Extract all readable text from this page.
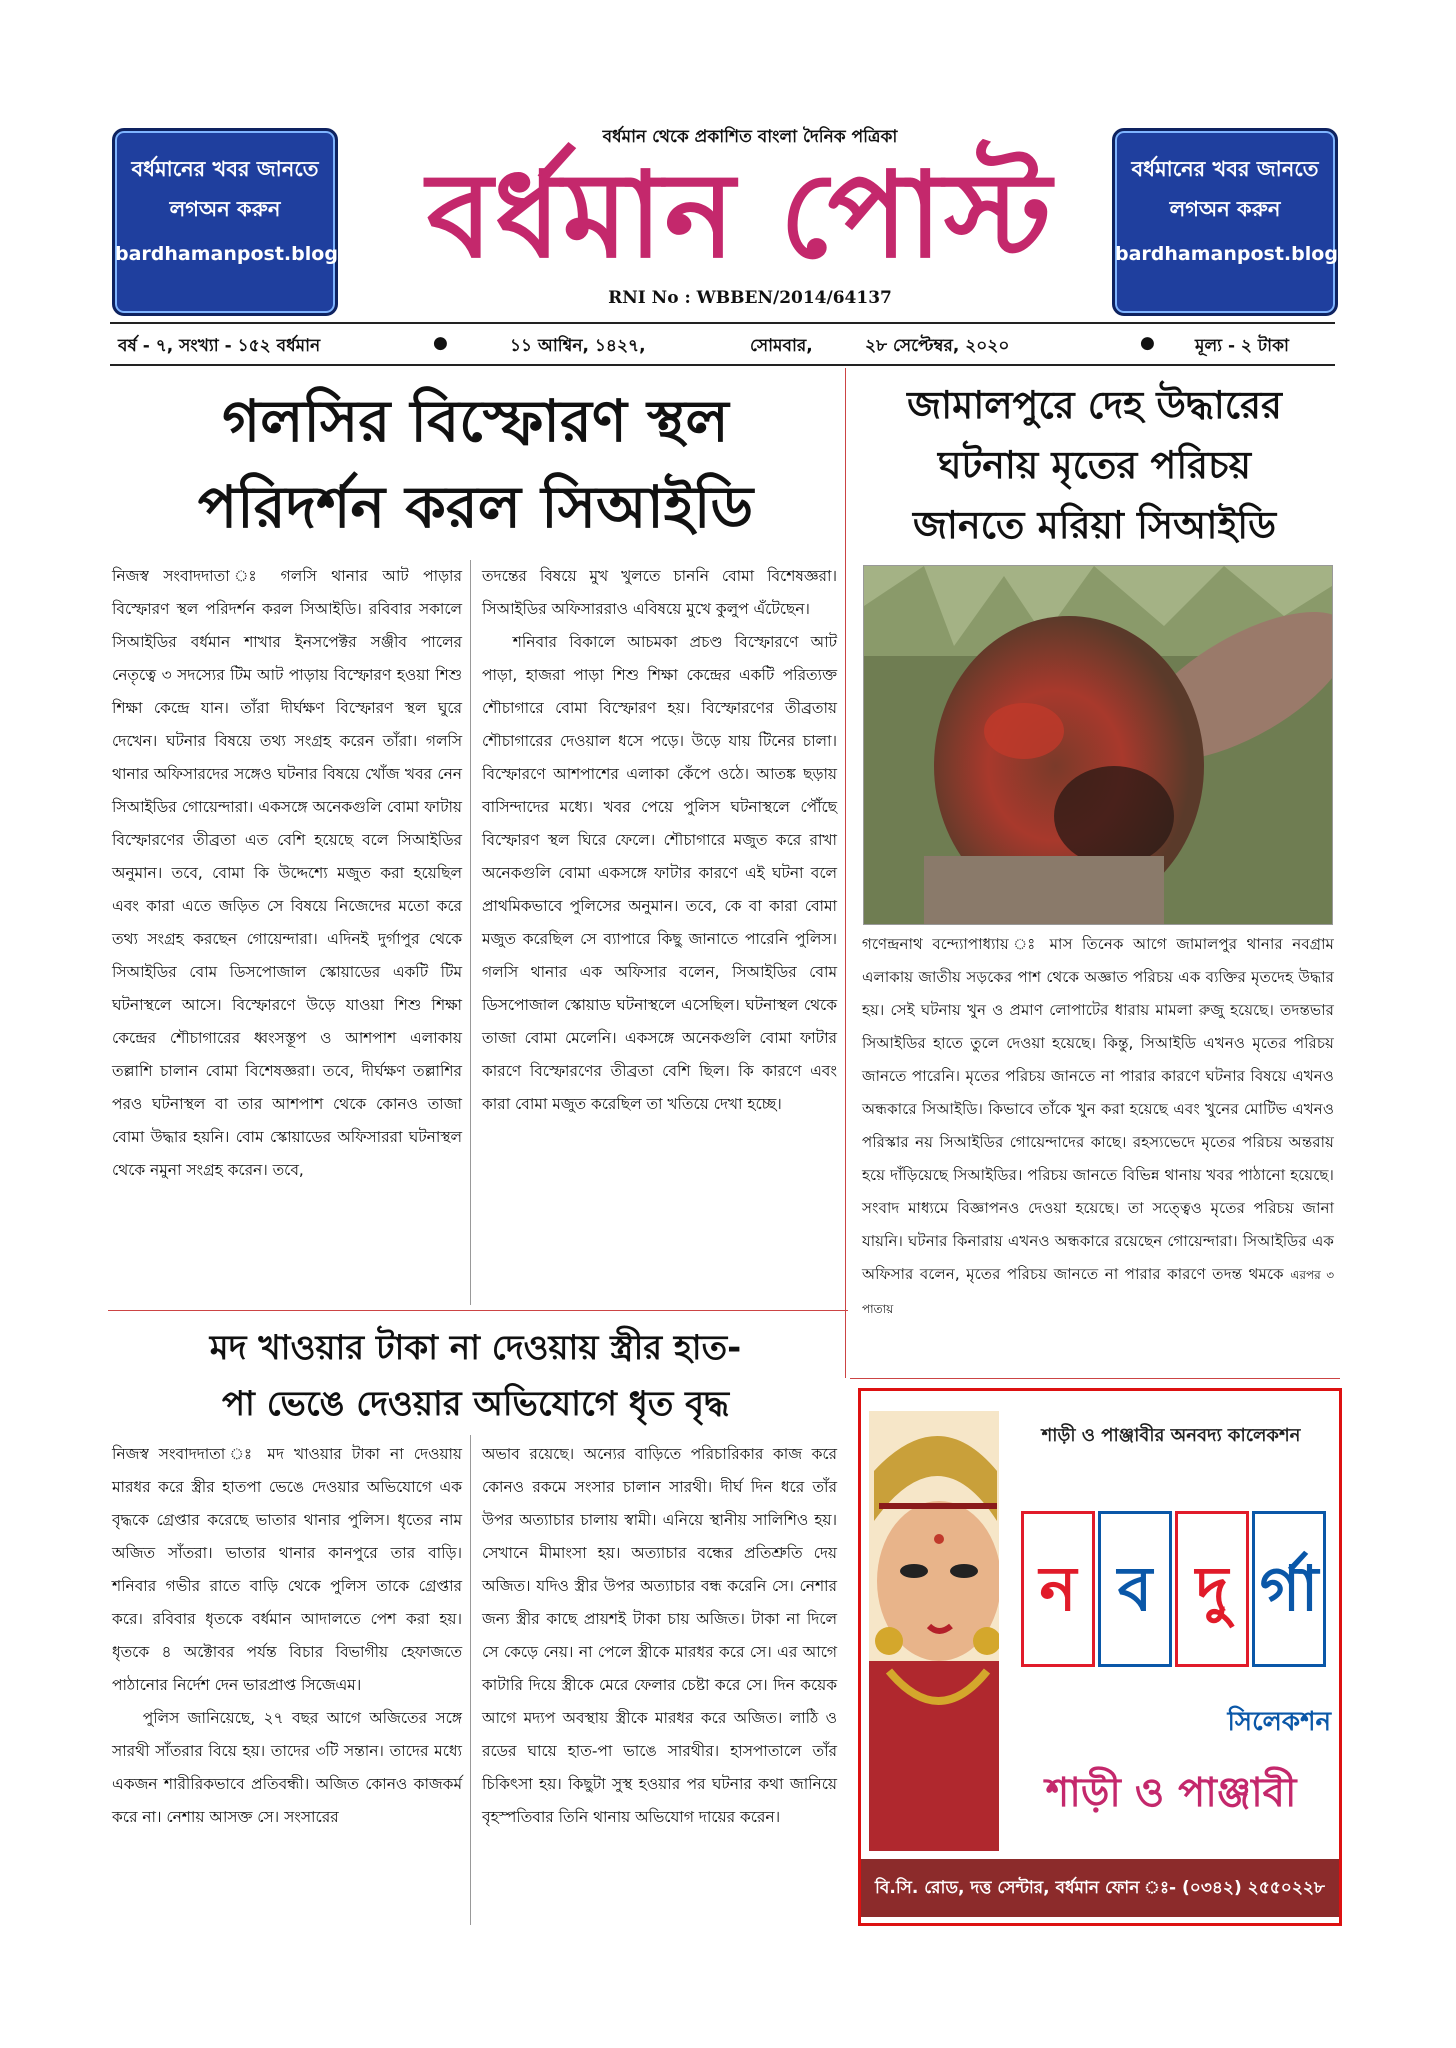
বর্ধমানের খবর জানতে
লগঅন করুন
bardhamanpost.blogspot.in
বর্ধমানের খবর জানতে
লগঅন করুন
bardhamanpost.blogspot.in
বর্ধমান থেকে প্রকাশিত বাংলা দৈনিক পত্রিকা
বর্ধমান পোস্ট
RNI No : WBBEN/2014/64137
বর্ষ - ৭, সংখ্যা - ১৫২ বর্ধমান	●	১১ আশ্বিন, ১৪২৭,	সোমবার,	২৮ সেপ্টেম্বর, ২০২০	● মূল্য - ২ টাকা
গলসির বিস্ফোরণ স্থল
পরিদর্শন করল সিআইডি

নিজস্ব সংবাদদাতা ঃ গলসি থানার আট পাড়ার বিস্ফোরণ স্থল পরিদর্শন করল সিআইডি। রবিবার সকালে সিআইডির বর্ধমান শাখার ইনসপেক্টর সঞ্জীব পালের নেতৃত্বে ৩ সদস্যের টিম আট পাড়ায় বিস্ফোরণ হওয়া শিশু শিক্ষা কেন্দ্রে যান। তাঁরা দীর্ঘক্ষণ বিস্ফোরণ স্থল ঘুরে দেখেন। ঘটনার বিষয়ে তথ্য সংগ্রহ করেন তাঁরা। গলসি থানার অফিসারদের সঙ্গেও ঘটনার বিষয়ে খোঁজ খবর নেন সিআইডির গোয়েন্দারা। একসঙ্গে অনেকগুলি বোমা ফাটায় বিস্ফোরণের তীব্রতা এত বেশি হয়েছে বলে সিআইডির অনুমান। তবে, বোমা কি উদ্দেশ্যে মজুত করা হয়েছিল এবং কারা এতে জড়িত সে বিষয়ে নিজেদের মতো করে তথ্য সংগ্রহ করছেন গোয়েন্দারা। এদিনই দুর্গাপুর থেকে সিআইডির বোম ডিসপোজাল স্কোয়াডের একটি টিম ঘটনাস্থলে আসে। বিস্ফোরণে উড়ে যাওয়া শিশু শিক্ষা কেন্দ্রের শৌচাগারের ধ্বংসস্তূপ ও আশপাশ এলাকায় তল্লাশি চালান বোমা বিশেষজ্ঞরা। তবে, দীর্ঘক্ষণ তল্লাশির পরও ঘটনাস্থল বা তার আশপাশ থেকে কোনও তাজা বোমা উদ্ধার হয়নি। বোম স্কোয়াডের অফিসাররা ঘটনাস্থল থেকে নমুনা সংগ্রহ করেন। তবে,

তদন্তের বিষয়ে মুখ খুলতে চাননি বোমা বিশেষজ্ঞরা। সিআইডির অফিসাররাও এবিষয়ে মুখে কুলুপ এঁটেছেন।

শনিবার বিকালে আচমকা প্রচণ্ড বিস্ফোরণে আট পাড়া, হাজরা পাড়া শিশু শিক্ষা কেন্দ্রের একটি পরিত্যক্ত শৌচাগারে বোমা বিস্ফোরণ হয়। বিস্ফোরণের তীব্রতায় শৌচাগারের দেওয়াল ধসে পড়ে। উড়ে যায় টিনের চালা। বিস্ফোরণে আশপাশের এলাকা কেঁপে ওঠে। আতঙ্ক ছড়ায় বাসিন্দাদের মধ্যে। খবর পেয়ে পুলিস ঘটনাস্থলে পৌঁছে বিস্ফোরণ স্থল ঘিরে ফেলে। শৌচাগারে মজুত করে রাখা অনেকগুলি বোমা একসঙ্গে ফাটার কারণে এই ঘটনা বলে প্রাথমিকভাবে পুলিসের অনুমান। তবে, কে বা কারা বোমা মজুত করেছিল সে ব্যাপারে কিছু জানাতে পারেনি পুলিস। গলসি থানার এক অফিসার বলেন, সিআইডির বোম ডিসপোজাল স্কোয়াড ঘটনাস্থলে এসেছিল। ঘটনাস্থল থেকে তাজা বোমা মেলেনি। একসঙ্গে অনেকগুলি বোমা ফাটার কারণে বিস্ফোরণের তীব্রতা বেশি ছিল। কি কারণে এবং কারা বোমা মজুত করেছিল তা খতিয়ে দেখা হচ্ছে।

জামালপুরে দেহ উদ্ধারের
ঘটনায় মৃতের পরিচয়
জানতে মরিয়া সিআইডি

গণেন্দ্রনাথ বন্দ্যোপাধ্যায় ঃ মাস তিনেক আগে জামালপুর থানার নবগ্রাম এলাকায় জাতীয় সড়কের পাশ থেকে অজ্ঞাত পরিচয় এক ব্যক্তির মৃতদেহ উদ্ধার হয়। সেই ঘটনায় খুন ও প্রমাণ লোপাটের ধারায় মামলা রুজু হয়েছে। তদন্তভার সিআইডির হাতে তুলে দেওয়া হয়েছে। কিন্তু, সিআইডি এখনও মৃতের পরিচয় জানতে পারেনি। মৃতের পরিচয় জানতে না পারার কারণে ঘটনার বিষয়ে এখনও অন্ধকারে সিআইডি। কিভাবে তাঁকে খুন করা হয়েছে এবং খুনের মোটিভ এখনও পরিস্কার নয় সিআইডির গোয়েন্দাদের কাছে। রহস্যভেদে মৃতের পরিচয় অন্তরায় হয়ে দাঁড়িয়েছে সিআইডির। পরিচয় জানতে বিভিন্ন থানায় খবর পাঠানো হয়েছে। সংবাদ মাধ্যমে বিজ্ঞাপনও দেওয়া হয়েছে। তা সত্ত্বেও মৃতের পরিচয় জানা যায়নি। ঘটনার কিনারায় এখনও অন্ধকারে রয়েছেন গোয়েন্দারা। সিআইডির এক অফিসার বলেন, মৃতের পরিচয় জানতে না পারার কারণে তদন্ত থমকে এরপর ৩ পাতায়

মদ খাওয়ার টাকা না দেওয়ায় স্ত্রীর হাত-
পা ভেঙে দেওয়ার অভিযোগে ধৃত বৃদ্ধ

নিজস্ব সংবাদদাতা ঃ মদ খাওয়ার টাকা না দেওয়ায় মারধর করে স্ত্রীর হাতপা ভেঙে দেওয়ার অভিযোগে এক বৃদ্ধকে গ্রেপ্তার করেছে ভাতার থানার পুলিস। ধৃতের নাম অজিত সাঁতরা। ভাতার থানার কানপুরে তার বাড়ি। শনিবার গভীর রাতে বাড়ি থেকে পুলিস তাকে গ্রেপ্তার করে। রবিবার ধৃতকে বর্ধমান আদালতে পেশ করা হয়। ধৃতকে ৪ অক্টোবর পর্যন্ত বিচার বিভাগীয় হেফাজতে পাঠানোর নির্দেশ দেন ভারপ্রাপ্ত সিজেএম।

পুলিস জানিয়েছে, ২৭ বছর আগে অজিতের সঙ্গে সারথী সাঁতরার বিয়ে হয়। তাদের ৩টি সন্তান। তাদের মধ্যে একজন শারীরিকভাবে প্রতিবন্ধী। অজিত কোনও কাজকর্ম করে না। নেশায় আসক্ত সে। সংসারের

অভাব রয়েছে। অন্যের বাড়িতে পরিচারিকার কাজ করে কোনও রকমে সংসার চালান সারথী। দীর্ঘ দিন ধরে তাঁর উপর অত্যাচার চালায় স্বামী। এনিয়ে স্থানীয় সালিশিও হয়। সেখানে মীমাংসা হয়। অত্যাচার বন্ধের প্রতিশ্রুতি দেয় অজিত। যদিও স্ত্রীর উপর অত্যাচার বন্ধ করেনি সে। নেশার জন্য স্ত্রীর কাছে প্রায়শই টাকা চায় অজিত। টাকা না দিলে সে কেড়ে নেয়। না পেলে স্ত্রীকে মারধর করে সে। এর আগে কাটারি দিয়ে স্ত্রীকে মেরে ফেলার চেষ্টা করে সে। দিন কয়েক আগে মদ্যপ অবস্থায় স্ত্রীকে মারধর করে অজিত। লাঠি ও রডের ঘায়ে হাত-পা ভাঙে সারথীর। হাসপাতালে তাঁর চিকিৎসা হয়। কিছুটা সুস্থ হওয়ার পর ঘটনার কথা জানিয়ে বৃহস্পতিবার তিনি থানায় অভিযোগ দায়ের করেন।

শাড়ী ও পাঞ্জাবীর অনবদ্য কালেকশন
ন ব দু র্গা
সিলেকশন
শাড়ী ও পাঞ্জাবী
বি.সি. রোড, দত্ত সেন্টার, বর্ধমান ফোন ঃ- (০৩৪২) ২৫৫০২২৮
